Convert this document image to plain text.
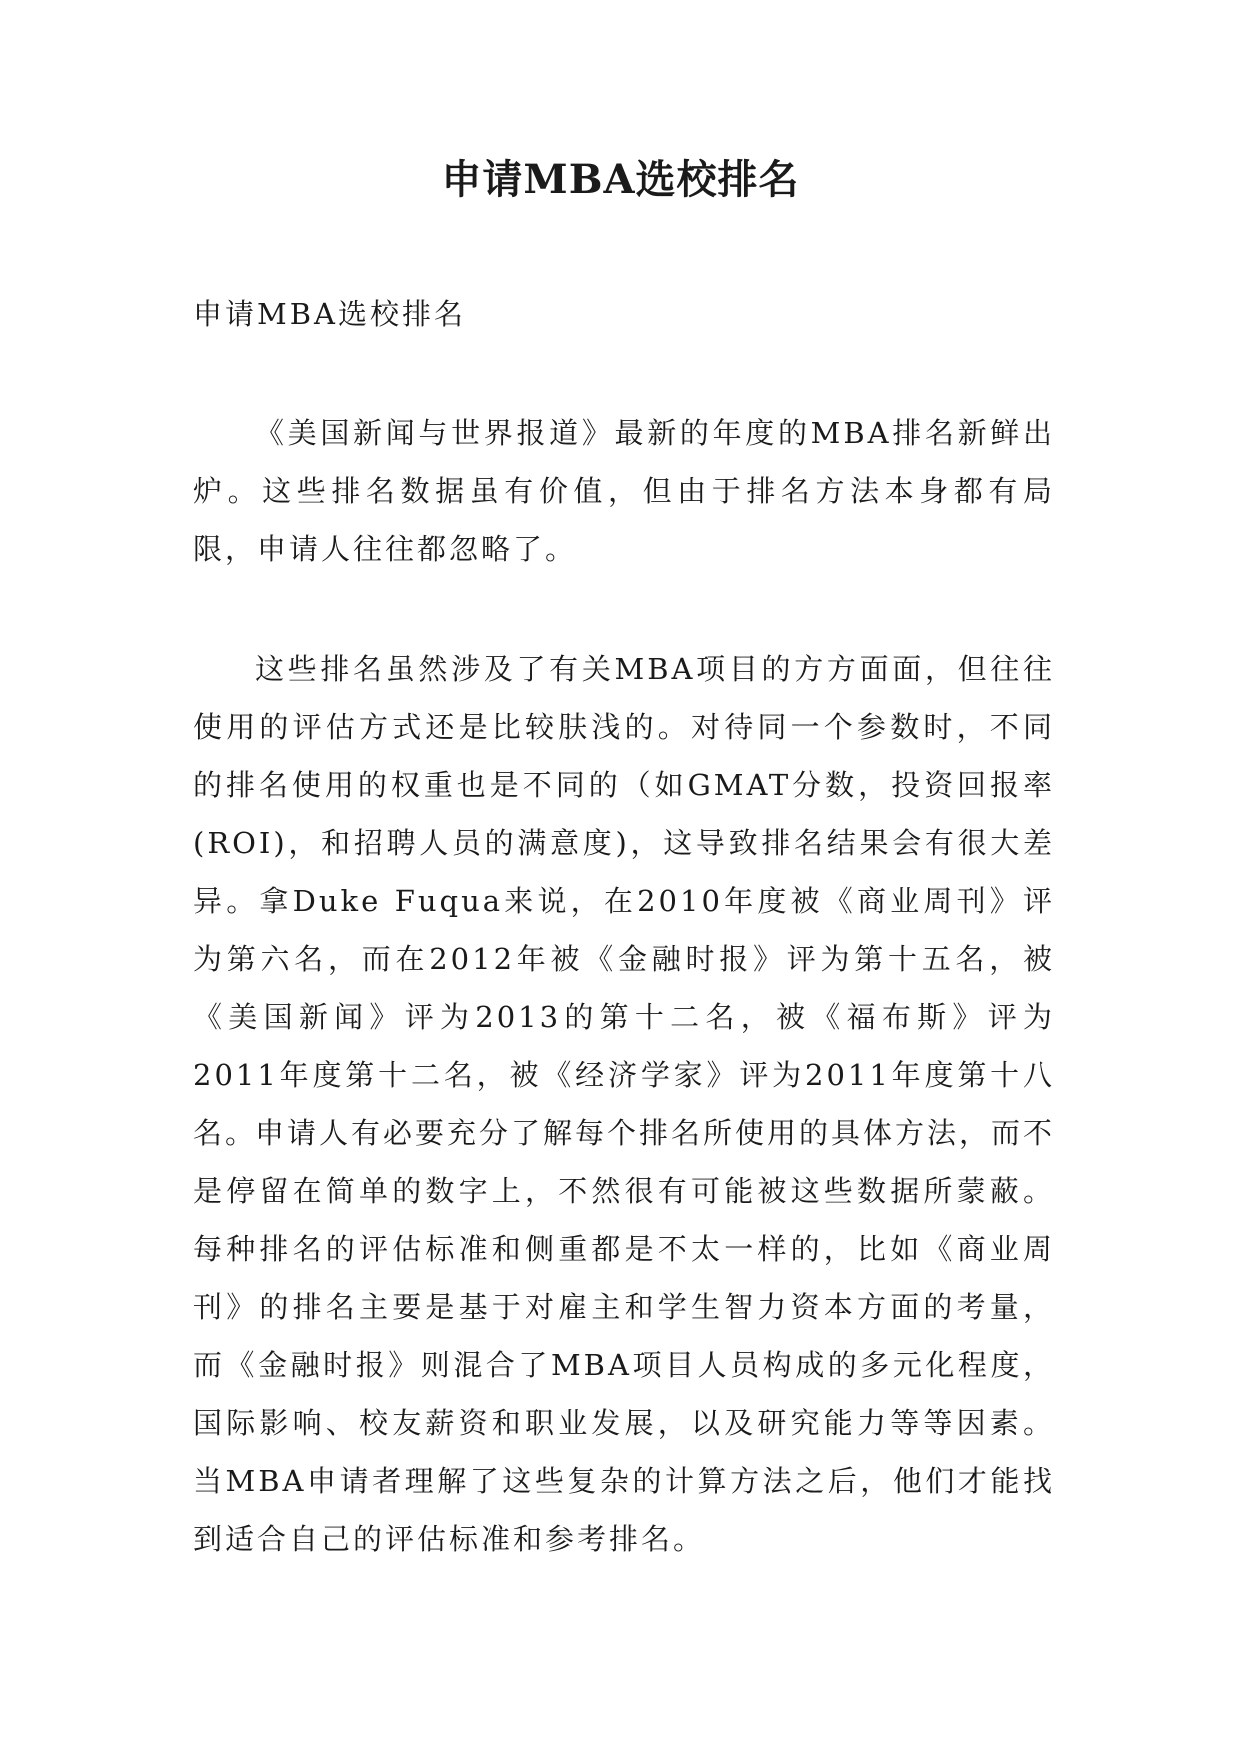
申请MBA选校排名

申请MBA选校排名

《美国新闻与世界报道》最新的年度的MBA排名新鲜出炉。这些排名数据虽有价值，但由于排名方法本身都有局限，申请人往往都忽略了。

这些排名虽然涉及了有关MBA项目的方方面面，但往往使用的评估方式还是比较肤浅的。对待同一个参数时，不同的排名使用的权重也是不同的（如GMAT分数，投资回报率(ROI)，和招聘人员的满意度)，这导致排名结果会有很大差异。拿Duke Fuqua来说，在2010年度被《商业周刊》评为第六名，而在2012年被《金融时报》评为第十五名，被《美国新闻》评为2013的第十二名，被《福布斯》评为2011年度第十二名，被《经济学家》评为2011年度第十八名。

申请人有必要充分了解每个排名所使用的具体方法，而不是停留在简单的数字上，不然很有可能被这些数据所蒙蔽。每种排名的评估标准和侧重都是不太一样的，比如《商业周刊》的排名主要是基于对雇主和学生智力资本方面的考量，而《金融时报》则混合了MBA项目人员构成的多元化程度，国际影响、校友薪资和职业发展，以及研究能力等等因素。当MBA申请者理解了这些复杂的计算方法之后，他们才能找到适合自己的评估标准和参考排名。
